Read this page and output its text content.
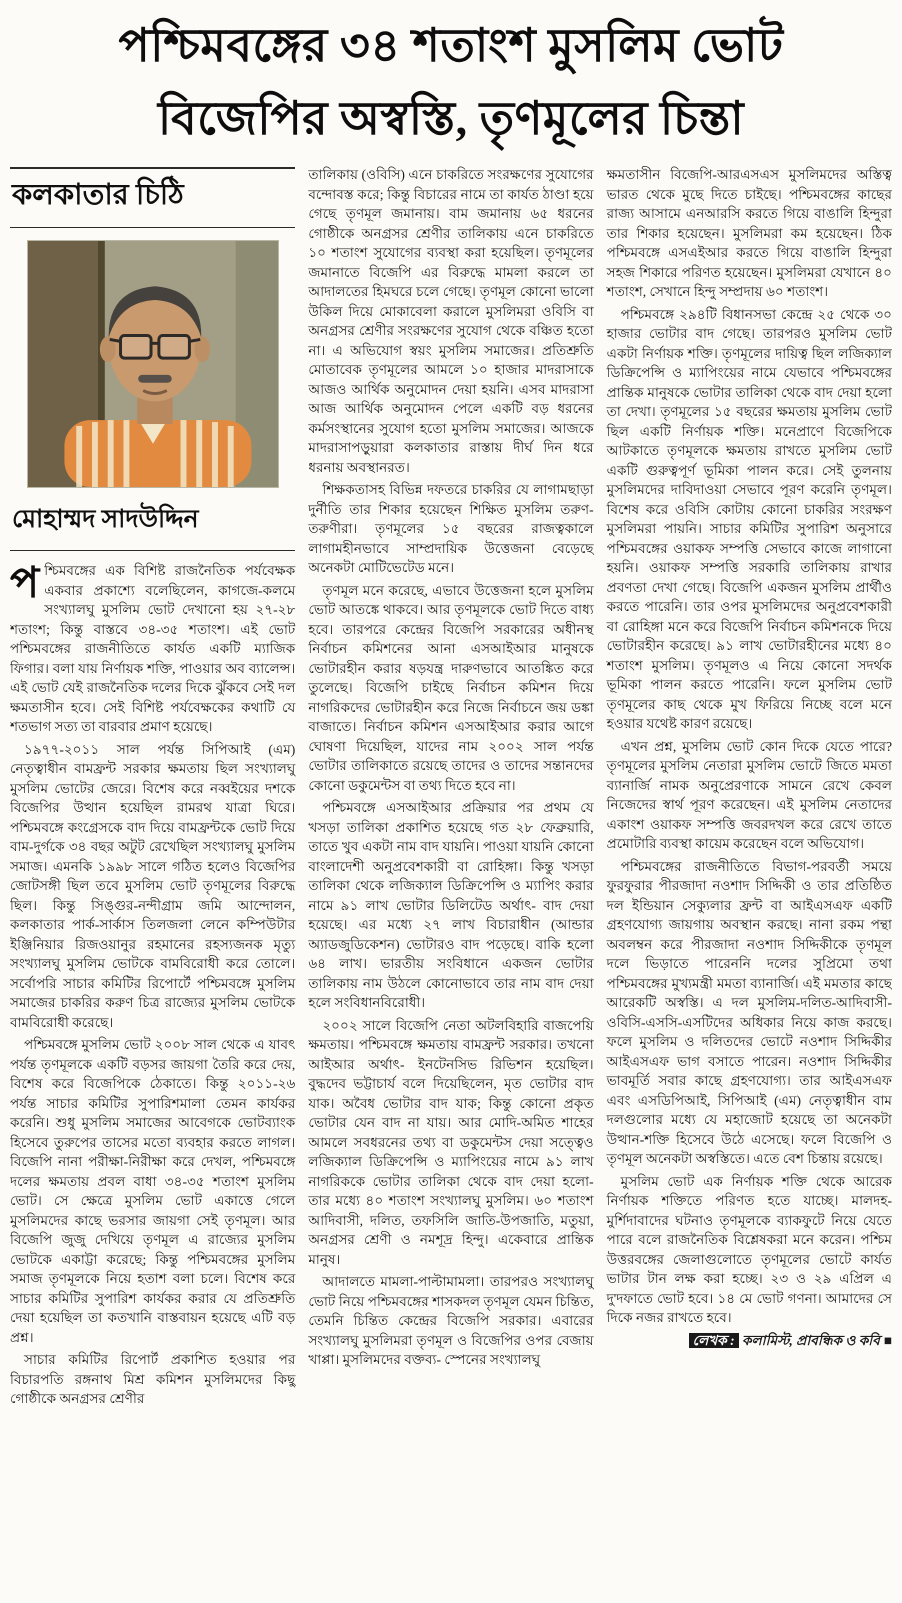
পশ্চিমবঙ্গের ৩৪ শতাংশ মুসলিম ভোট
বিজেপির অস্বস্তি, তৃণমূলের চিন্তা
কলকাতার চিঠি
মোহাম্মদ সাদউদ্দিন

পশ্চিমবঙ্গের এক বিশিষ্ট রাজনৈতিক পর্যবেক্ষক একবার প্রকাশ্যে বলেছিলেন, কাগজে-কলমে সংখ্যালঘু মুসলিম ভোট দেখানো হয় ২৭-২৮ শতাংশ; কিন্তু বাস্তবে ৩৪-৩৫ শতাংশ। এই ভোট পশ্চিমবঙ্গের রাজনীতিতে কার্যত একটি ম্যাজিক ফিগার। বলা যায় নির্ণায়ক শক্তি, পাওয়ার অব ব্যালেন্স। এই ভোট যেই রাজনৈতিক দলের দিকে ঝুঁকবে সেই দল ক্ষমতাসীন হবে। সেই বিশিষ্ট পর্যবেক্ষকের কথাটি যে শতভাগ সত্য তা বারবার প্রমাণ হয়েছে।

১৯৭৭-২০১১ সাল পর্যন্ত সিপিআই (এম) নেতৃত্বাধীন বামফ্রন্ট সরকার ক্ষমতায় ছিল সংখ্যালঘু মুসলিম ভোটের জেরে। বিশেষ করে নব্বইয়ের দশকে বিজেপির উত্থান হয়েছিল রামরথ যাত্রা ঘিরে। পশ্চিমবঙ্গে কংগ্রেসকে বাদ দিয়ে বামফ্রন্টকে ভোট দিয়ে বাম-দুর্গকে ৩৪ বছর অটুট রেখেছিল সংখ্যালঘু মুসলিম সমাজ। এমনকি ১৯৯৮ সালে গঠিত হলেও বিজেপির জোটসঙ্গী ছিল তবে মুসলিম ভোট তৃণমূলের বিরুদ্ধে ছিল। কিন্তু সিঙ্গুর-নন্দীগ্রাম জমি আন্দোলন, কলকাতার পার্ক-সার্কাস তিলজলা লেনে কম্পিউটার ইঞ্জিনিয়ার রিজওয়ানুর রহমানের রহস্যজনক মৃত্যু সংখ্যালঘু মুসলিম ভোটকে বামবিরোধী করে তোলে। সর্বোপরি সাচার কমিটির রিপোর্টে পশ্চিমবঙ্গে মুসলিম সমাজের চাকরির করুণ চিত্র রাজ্যের মুসলিম ভোটকে বামবিরোধী করেছে।

পশ্চিমবঙ্গে মুসলিম ভোট ২০০৮ সাল থেকে এ যাবৎ পর্যন্ত তৃণমূলকে একটি বড়সর জায়গা তৈরি করে দেয়, বিশেষ করে বিজেপিকে ঠেকাতে। কিন্তু ২০১১-২৬ পর্যন্ত সাচার কমিটির সুপারিশমালা তেমন কার্যকর করেনি। শুধু মুসলিম সমাজের আবেগকে ভোটব্যাংক হিসেবে তুরুপের তাসের মতো ব্যবহার করতে লাগল। বিজেপি নানা পরীক্ষা-নিরীক্ষা করে দেখল, পশ্চিমবঙ্গে দলের ক্ষমতায় প্রবল বাধা ৩৪-৩৫ শতাংশ মুসলিম ভোট। সে ক্ষেত্রে মুসলিম ভোট একাত্তে গেলে মুসলিমদের কাছে ভরসার জায়গা সেই তৃণমূল। আর বিজেপি জুজু দেখিয়ে তৃণমূল এ রাজ্যের মুসলিম ভোটকে একাট্টা করেছে; কিন্তু পশ্চিমবঙ্গের মুসলিম সমাজ তৃণমূলকে নিয়ে হতাশ বলা চলে। বিশেষ করে সাচার কমিটির সুপারিশ কার্যকর করার যে প্রতিশ্রুতি দেয়া হয়েছিল তা কতখানি বাস্তবায়ন হয়েছে এটি বড় প্রশ্ন।

সাচার কমিটির রিপোর্ট প্রকাশিত হওয়ার পর বিচারপতি রঙ্গনাথ মিশ্র কমিশন মুসলিমদের কিছু গোষ্ঠীকে অনগ্রসর শ্রেণীর

তালিকায় (ওবিসি) এনে চাকরিতে সংরক্ষণের সুযোগের বন্দোবস্ত করে; কিন্তু বিচারের নামে তা কার্যত ঠাণ্ডা হয়ে গেছে তৃণমূল জমানায়। বাম জমানায় ৬৫ ধরনের গোষ্ঠীকে অনগ্রসর শ্রেণীর তালিকায় এনে চাকরিতে ১০ শতাংশ সুযোগের ব্যবস্থা করা হয়েছিল। তৃণমূলের জমানাতে বিজেপি এর বিরুদ্ধে মামলা করলে তা আদালতের হিমঘরে চলে গেছে। তৃণমূল কোনো ভালো উকিল দিয়ে মোকাবেলা করালে মুসলিমরা ওবিসি বা অনগ্রসর শ্রেণীর সংরক্ষণের সুযোগ থেকে বঞ্চিত হতো না। এ অভিযোগ স্বয়ং মুসলিম সমাজের। প্রতিশ্রুতি মোতাবেক তৃণমূলের আমলে ১০ হাজার মাদরাসাকে আজও আর্থিক অনুমোদন দেয়া হয়নি। এসব মাদরাসা আজ আর্থিক অনুমোদন পেলে একটি বড় ধরনের কর্মসংস্থানের সুযোগ হতো মুসলিম সমাজের। আজকে মাদরাসাপড়ুয়ারা কলকাতার রাস্তায় দীর্ঘ দিন ধরে ধরনায় অবস্থানরত।

শিক্ষকতাসহ বিভিন্ন দফতরে চাকরির যে লাগামছাড়া দুর্নীতি তার শিকার হয়েছেন শিক্ষিত মুসলিম তরুণ-তরুণীরা। তৃণমূলের ১৫ বছরের রাজত্বকালে লাগামহীনভাবে সাম্প্রদায়িক উত্তেজনা বেড়েছে অনেকটা মোটিভেটেড মনে।

তৃণমূল মনে করেছে, এভাবে উত্তেজনা হলে মুসলিম ভোট আতঙ্কে থাকবে। আর তৃণমূলকে ভোট দিতে বাধ্য হবে। তারপরে কেন্দ্রের বিজেপি সরকারের অধীনস্থ নির্বাচন কমিশনের আনা এসআইআর মানুষকে ভোটারহীন করার ষড়যন্ত্র দারুণভাবে আতঙ্কিত করে তুলেছে। বিজেপি চাইছে নির্বাচন কমিশন দিয়ে নাগরিকদের ভোটারহীন করে নিজে নির্বাচনে জয় ডঙ্কা বাজাতে। নির্বাচন কমিশন এসআইআর করার আগে ঘোষণা দিয়েছিল, যাদের নাম ২০০২ সাল পর্যন্ত ভোটার তালিকাতে রয়েছে তাদের ও তাদের সন্তানদের কোনো ডকুমেন্টস বা তথ্য দিতে হবে না।

পশ্চিমবঙ্গে এসআইআর প্রক্রিয়ার পর প্রথম যে খসড়া তালিকা প্রকাশিত হয়েছে গত ২৮ ফেব্রুয়ারি, তাতে খুব একটা নাম বাদ যায়নি। পাওয়া যায়নি কোনো বাংলাদেশী অনুপ্রবেশকারী বা রোহিঙ্গা। কিন্তু খসড়া তালিকা থেকে লজিক্যাল ডিক্রিপেন্সি ও ম্যাপিং করার নামে ৯১ লাখ ভোটার ডিলিটেড অর্থাৎ- বাদ দেয়া হয়েছে। এর মধ্যে ২৭ লাখ বিচারাধীন (আন্ডার অ্যাডজুডিকেশন) ভোটারও বাদ পড়েছে। বাকি হলো ৬৪ লাখ। ভারতীয় সংবিধানে একজন ভোটার তালিকায় নাম উঠলে কোনোভাবে তার নাম বাদ দেয়া হলে সংবিধানবিরোধী।

২০০২ সালে বিজেপি নেতা অটলবিহারি বাজপেয়ি ক্ষমতায়। পশ্চিমবঙ্গে ক্ষমতায় বামফ্রন্ট সরকার। তখনো আইআর অর্থাৎ- ইনটেনসিভ রিভিশন হয়েছিল। বুদ্ধদেব ভট্টাচার্য বলে দিয়েছিলেন, মৃত ভোটার বাদ যাক। অবৈধ ভোটার বাদ যাক; কিন্তু কোনো প্রকৃত ভোটার যেন বাদ না যায়। আর মোদি-অমিত শাহের আমলে সবধরনের তথ্য বা ডকুমেন্টস দেয়া সত্ত্বেও লজিক্যাল ডিক্রিপেন্সি ও ম্যাপিংয়ের নামে ৯১ লাখ নাগরিককে ভোটার তালিকা থেকে বাদ দেয়া হলো- তার মধ্যে ৪০ শতাংশ সংখ্যালঘু মুসলিম। ৬০ শতাংশ আদিবাসী, দলিত, তফসিলি জাতি-উপজাতি, মতুয়া, অনগ্রসর শ্রেণী ও নমশূদ্র হিন্দু। একেবারে প্রান্তিক মানুষ।

আদালতে মামলা-পাল্টামামলা। তারপরও সংখ্যালঘু ভোট নিয়ে পশ্চিমবঙ্গের শাসকদল তৃণমূল যেমন চিন্তিত, তেমনি চিন্তিত কেন্দ্রের বিজেপি সরকার। এবারের সংখ্যালঘু মুসলিমরা তৃণমূল ও বিজেপির ওপর বেজায় খাপ্পা। মুসলিমদের বক্তব্য- স্পেনের সংখ্যালঘু

ক্ষমতাসীন বিজেপি-আরএসএস মুসলিমদের অস্তিত্ব ভারত থেকে মুছে দিতে চাইছে। পশ্চিমবঙ্গের কাছের রাজ্য আসামে এনআরসি করতে গিয়ে বাঙালি হিন্দুরা তার শিকার হয়েছেন। মুসলিমরা কম হয়েছেন। ঠিক পশ্চিমবঙ্গে এসএইআর করতে গিয়ে বাঙালি হিন্দুরা সহজ শিকারে পরিণত হয়েছেন। মুসলিমরা যেখানে ৪০ শতাংশ, সেখানে হিন্দু সম্প্রদায় ৬০ শতাংশ।

পশ্চিমবঙ্গে ২৯৪টি বিধানসভা কেন্দ্রে ২৫ থেকে ৩০ হাজার ভোটার বাদ গেছে। তারপরও মুসলিম ভোট একটা নির্ণায়ক শক্তি। তৃণমূলের দায়িত্ব ছিল লজিক্যাল ডিক্রিপেন্সি ও ম্যাপিংয়ের নামে যেভাবে পশ্চিমবঙ্গের প্রান্তিক মানুষকে ভোটার তালিকা থেকে বাদ দেয়া হলো তা দেখা। তৃণমূলের ১৫ বছরের ক্ষমতায় মুসলিম ভোট ছিল একটি নির্ণায়ক শক্তি। মনেপ্রাণে বিজেপিকে আটকাতে তৃণমূলকে ক্ষমতায় রাখতে মুসলিম ভোট একটি গুরুত্বপূর্ণ ভূমিকা পালন করে। সেই তুলনায় মুসলিমদের দাবিদাওয়া সেভাবে পূরণ করেনি তৃণমূল। বিশেষ করে ওবিসি কোটায় কোনো চাকরির সংরক্ষণ মুসলিমরা পায়নি। সাচার কমিটির সুপারিশ অনুসারে পশ্চিমবঙ্গের ওয়াকফ সম্পত্তি সেভাবে কাজে লাগানো হয়নি। ওয়াকফ সম্পত্তি সরকারি তালিকায় রাখার প্রবণতা দেখা গেছে। বিজেপি একজন মুসলিম প্রার্থীও করতে পারেনি। তার ওপর মুসলিমদের অনুপ্রবেশকারী বা রোহিঙ্গা মনে করে বিজেপি নির্বাচন কমিশনকে দিয়ে ভোটারহীন করেছে। ৯১ লাখ ভোটারহীনের মধ্যে ৪০ শতাংশ মুসলিম। তৃণমূলও এ নিয়ে কোনো সদর্থক ভূমিকা পালন করতে পারেনি। ফলে মুসলিম ভোট তৃণমূলের কাছ থেকে মুখ ফিরিয়ে নিচ্ছে বলে মনে হওয়ার যথেষ্ট কারণ রয়েছে।

এখন প্রশ্ন, মুসলিম ভোট কোন দিকে যেতে পারে? তৃণমূলের মুসলিম নেতারা মুসলিম ভোটে জিতে মমতা ব্যানার্জি নামক অনুপ্রেরণাকে সামনে রেখে কেবল নিজেদের স্বার্থ পূরণ করেছেন। এই মুসলিম নেতাদের একাংশ ওয়াকফ সম্পত্তি জবরদখল করে রেখে তাতে প্রমোটারি ব্যবস্থা কায়েম করেছেন বলে অভিযোগ।

পশ্চিমবঙ্গের রাজনীতিতে বিভাগ-পরবর্তী সময়ে ফুরফুরার পীরজাদা নওশাদ সিদ্দিকী ও তার প্রতিষ্ঠিত দল ইন্ডিয়ান সেক্যুলার ফ্রন্ট বা আইএসএফ একটি গ্রহণযোগ্য জায়গায় অবস্থান করছে। নানা রকম পন্থা অবলম্বন করে পীরজাদা নওশাদ সিদ্দিকীকে তৃণমূল দলে ভিড়াতে পারেননি দলের সুপ্রিমো তথা পশ্চিমবঙ্গের মুখ্যমন্ত্রী মমতা ব্যানার্জি। এই মমতার কাছে আরেকটি অস্বস্তি। এ দল মুসলিম-দলিত-আদিবাসী-ওবিসি-এসসি-এসটিদের অধিকার নিয়ে কাজ করছে। ফলে মুসলিম ও দলিতদের ভোটে নওশাদ সিদ্দিকীর আইএসএফ ভাগ বসাতে পারেন। নওশাদ সিদ্দিকীর ভাবমূর্তি সবার কাছে গ্রহণযোগ্য। তার আইএসএফ এবং এসডিপিআই, সিপিআই (এম) নেতৃত্বাধীন বাম দলগুলোর মধ্যে যে মহাজোট হয়েছে তা অনেকটা উত্থান-শক্তি হিসেবে উঠে এসেছে। ফলে বিজেপি ও তৃণমূল অনেকটা অস্বস্তিতে। এতে বেশ চিন্তায় রয়েছে।

মুসলিম ভোট এক নির্ণায়ক শক্তি থেকে আরেক নির্ণায়ক শক্তিতে পরিণত হতে যাচ্ছে। মালদহ-মুর্শিদাবাদের ঘটনাও তৃণমূলকে ব্যাকফুটে নিয়ে যেতে পারে বলে রাজনৈতিক বিশ্লেষকরা মনে করেন। পশ্চিম উত্তরবঙ্গের জেলাগুলোতে তৃণমূলের ভোটে কার্যত ভাটার টান লক্ষ করা হচ্ছে। ২৩ ও ২৯ এপ্রিল এ দু'দফাতে ভোট হবে। ১৪ মে ভোট গণনা। আমাদের সে দিকে নজর রাখতে হবে।

লেখক : কলামিস্ট, প্রাবন্ধিক ও কবি ■
